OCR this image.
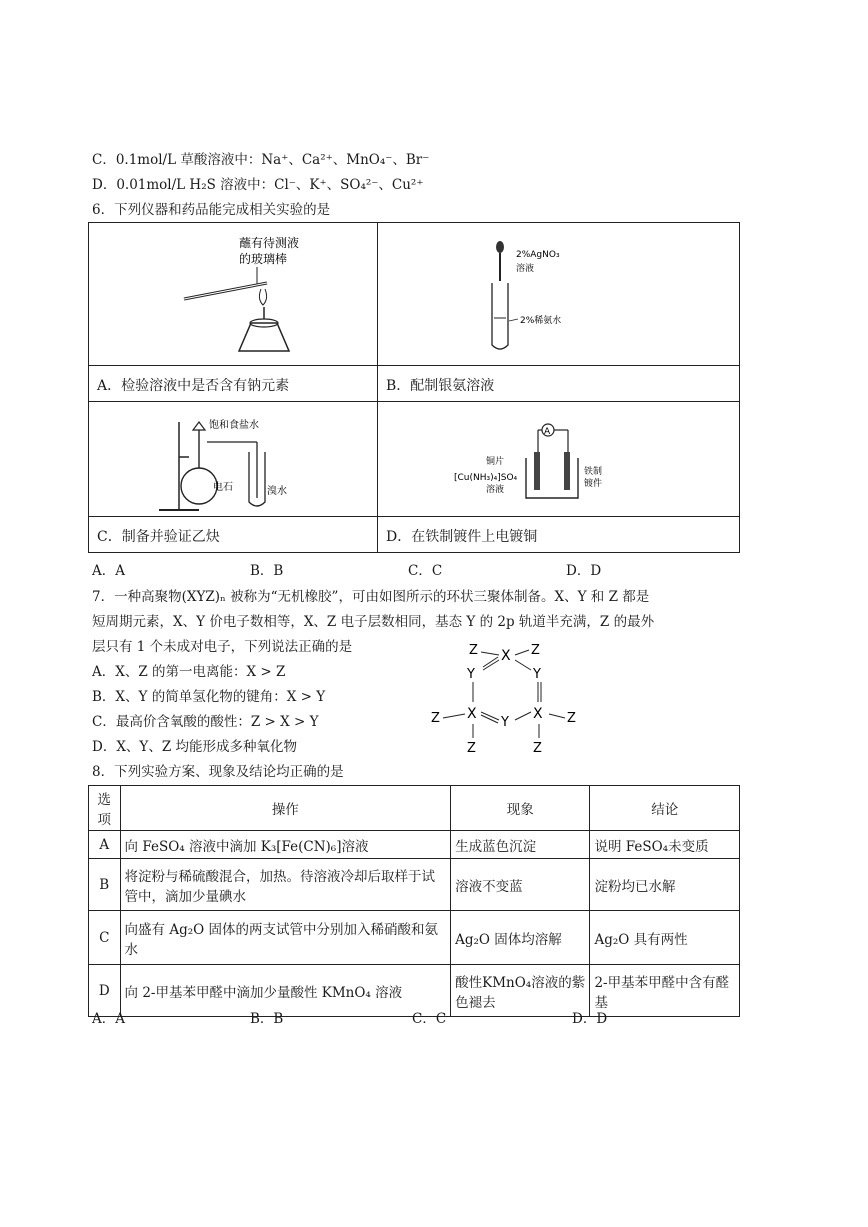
C．0.1mol/L 草酸溶液中：Na⁺、Ca²⁺、MnO₄⁻、Br⁻
D．0.01mol/L H₂S 溶液中：Cl⁻、K⁺、SO₄²⁻、Cu²⁺
6．下列仪器和药品能完成相关实验的是
蘸有待测液
的玻璃棒
A．检验溶液中是否含有钠元素
2%AgNO₃
溶液
2%稀氨水
B．配制银氨溶液
饱和食盐水
电石	溴水
C．制备并验证乙炔
A
铜片
[Cu(NH₃)₄]SO₄
溶液
铁制
镀件
D．在铁制镀件上电镀铜
A．A	B．B	C．C	D．D
7．一种高聚物(XYZ)ₙ 被称为“无机橡胶”，可由如图所示的环状三聚体制备。X、Y 和 Z 都是
短周期元素，X、Y 价电子数相等，X、Z 电子层数相同，基态 Y 的 2p 轨道半充满，Z 的最外
层只有 1 个未成对电子，下列说法正确的是
A．X、Z 的第一电离能：X > Z
B．X、Y 的简单氢化物的键角：X > Y
C．最高价含氧酸的酸性：Z > X > Y
D．X、Y、Z 均能形成多种氧化物
X
Z	Z
Y	Y
X	X
Z	Z
Y
Z	Z
8．下列实验方案、现象及结论均正确的是
选项	操作	现象	结论
A	向 FeSO₄ 溶液中滴加 K₃[Fe(CN)₆]溶液	生成蓝色沉淀	说明 FeSO₄未变质
B	将淀粉与稀硫酸混合，加热。待溶液冷却后取样于试管中，滴加少量碘水	溶液不变蓝	淀粉均已水解
C	向盛有 Ag₂O 固体的两支试管中分别加入稀硝酸和氨水	Ag₂O 固体均溶解	Ag₂O 具有两性
D	向 2-甲基苯甲醛中滴加少量酸性 KMnO₄ 溶液	酸性KMnO₄溶液的紫色褪去	2-甲基苯甲醛中含有醛基
A．A	B．B	C．C	D．D
